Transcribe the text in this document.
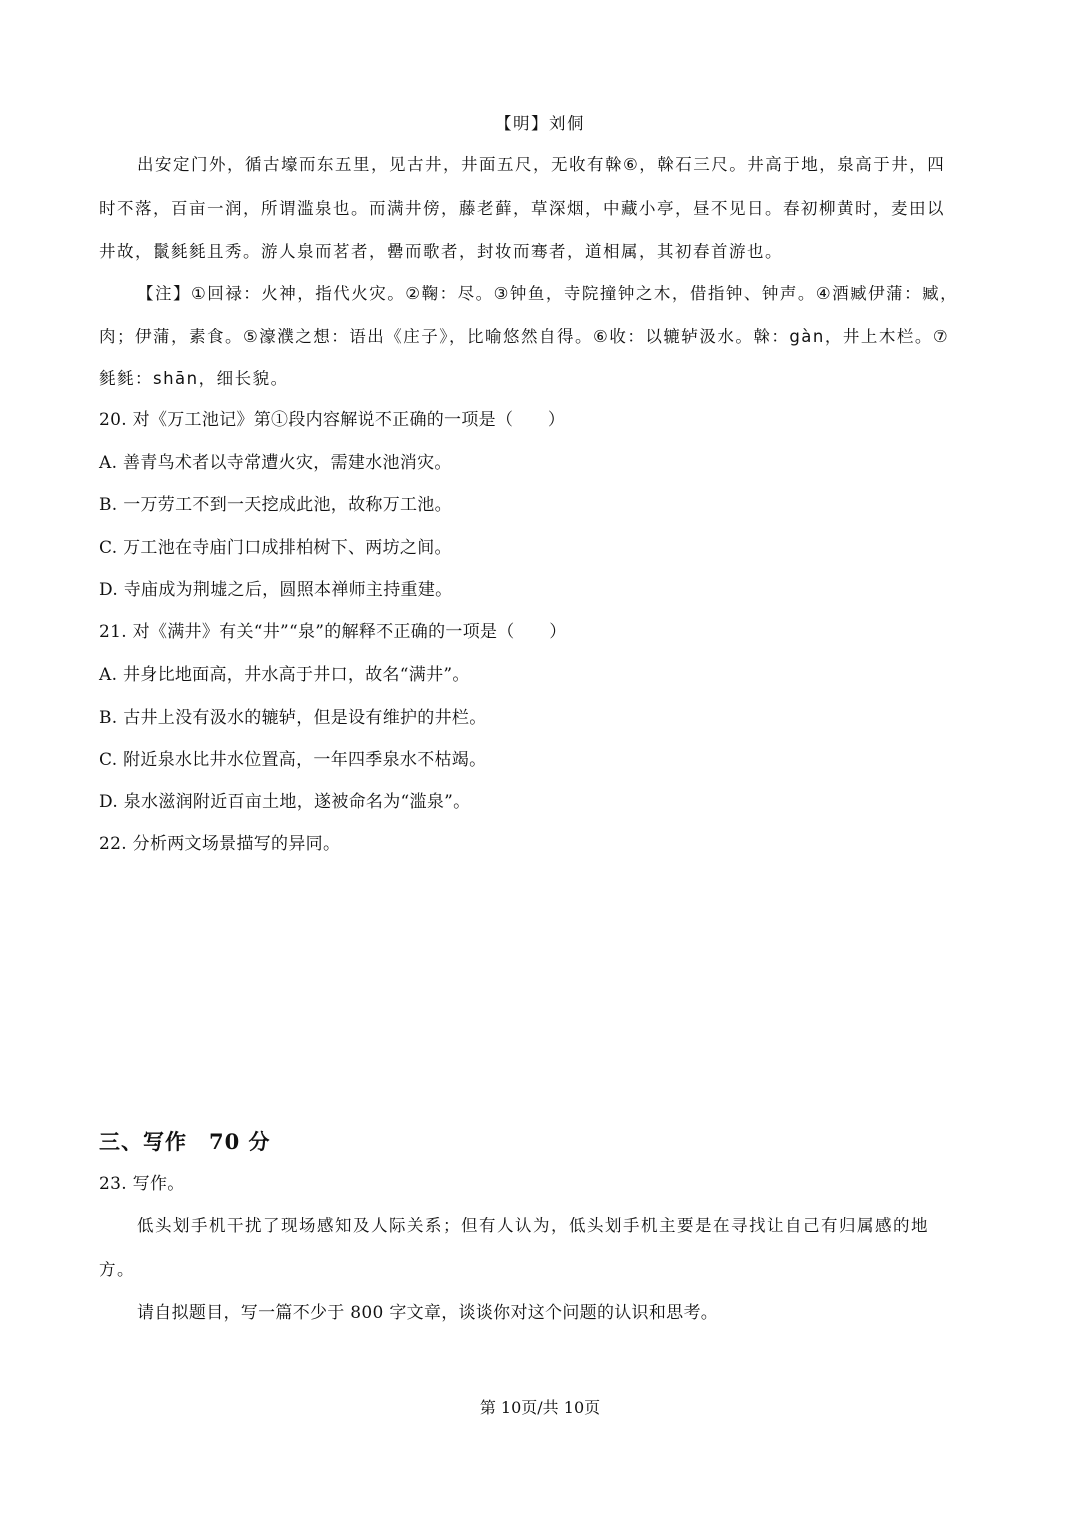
【明】刘侗
出安定门外，循古壕而东五里，见古井，井面五尺，无收有榦⑥，榦石三尺。井高于地，泉高于井，四
时不落，百亩一润，所谓滥泉也。而满井傍，藤老藓，草深烟，中藏小亭，昼不见日。春初柳黄时，麦田以
井故，鬛毵毵且秀。游人泉而茗者，罍而歌者，封妆而骞者，道相属，其初春首游也。
【注】①回禄：火神，指代火灾。②鞠：尽。③钟鱼，寺院撞钟之木，借指钟、钟声。④酒臧伊蒲：臧，
肉；伊蒲，素食。⑤濠濮之想：语出《庄子》，比喻悠然自得。⑥收：以辘轳汲水。榦：gàn，井上木栏。⑦
毵毵：shān，细长貌。
20. 对《万工池记》第①段内容解说不正确的一项是（　　）
A. 善青鸟术者以寺常遭火灾，需建水池消灾。
B. 一万劳工不到一天挖成此池，故称万工池。
C. 万工池在寺庙门口成排柏树下、两坊之间。
D. 寺庙成为荆墟之后，圆照本禅师主持重建。
21. 对《满井》有关“井”“泉”的解释不正确的一项是（　　）
A. 井身比地面高，井水高于井口，故名“满井”。
B. 古井上没有汲水的辘轳，但是设有维护的井栏。
C. 附近泉水比井水位置高，一年四季泉水不枯竭。
D. 泉水滋润附近百亩土地，遂被命名为“滥泉”。
22. 分析两文场景描写的异同。
三、写作　70 分
23. 写作。
低头划手机干扰了现场感知及人际关系；但有人认为，低头划手机主要是在寻找让自己有归属感的地
方。
请自拟题目，写一篇不少于 800 字文章，谈谈你对这个问题的认识和思考。
第 10页/共 10页
